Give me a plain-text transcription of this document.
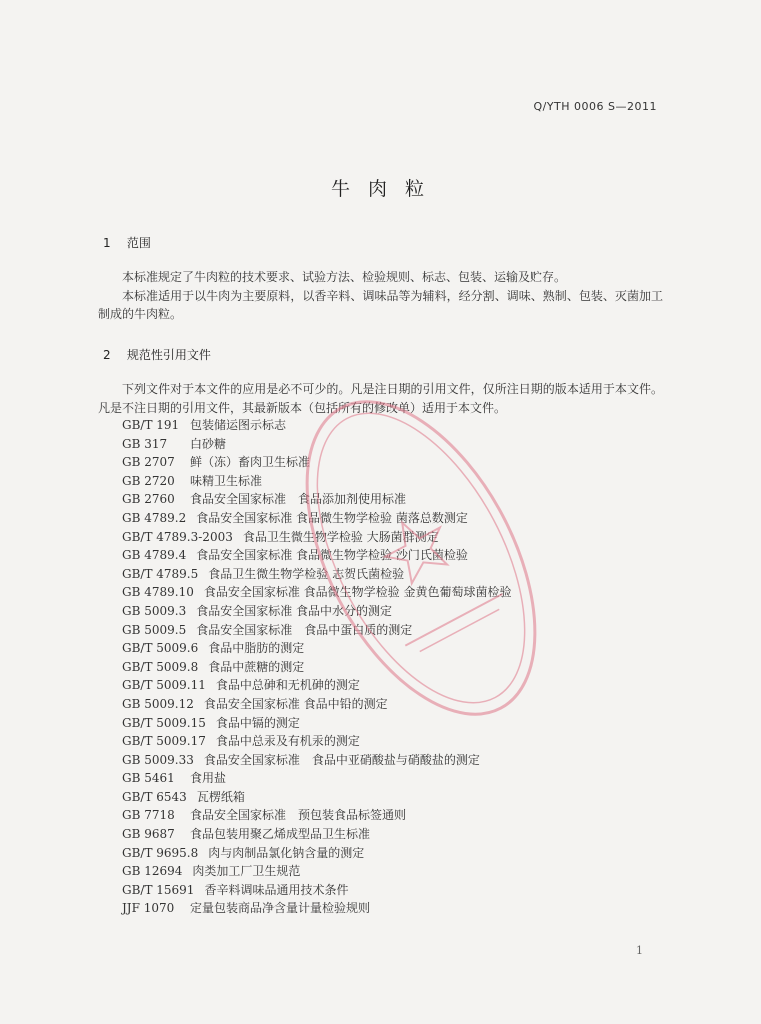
Q/YTH 0006 S—2011
牛 肉 粒
1 范围

本标准规定了牛肉粒的技术要求、试验方法、检验规则、标志、包装、运输及贮存。

本标准适用于以牛肉为主要原料，以香辛料、调味品等为辅料，经分割、调味、熟制、包装、灭菌加工制成的牛肉粒。

2 规范性引用文件

下列文件对于本文件的应用是必不可少的。凡是注日期的引用文件，仅所注日期的版本适用于本文件。凡是不注日期的引用文件，其最新版本（包括所有的修改单）适用于本文件。

GB/T 191 包装储运图示标志
GB 317 白砂糖
GB 2707 鲜（冻）畜肉卫生标准
GB 2720 味精卫生标准
GB 2760 食品安全国家标准　食品添加剂使用标准
GB 4789.2 食品安全国家标准 食品微生物学检验 菌落总数测定
GB/T 4789.3-2003 食品卫生微生物学检验 大肠菌群测定
GB 4789.4 食品安全国家标准 食品微生物学检验 沙门氏菌检验
GB/T 4789.5 食品卫生微生物学检验 志贺氏菌检验
GB 4789.10 食品安全国家标准 食品微生物学检验 金黄色葡萄球菌检验
GB 5009.3 食品安全国家标准 食品中水分的测定
GB 5009.5 食品安全国家标准　食品中蛋白质的测定
GB/T 5009.6 食品中脂肪的测定
GB/T 5009.8 食品中蔗糖的测定
GB/T 5009.11 食品中总砷和无机砷的测定
GB 5009.12 食品安全国家标准 食品中铅的测定
GB/T 5009.15 食品中镉的测定
GB/T 5009.17 食品中总汞及有机汞的测定
GB 5009.33 食品安全国家标准　食品中亚硝酸盐与硝酸盐的测定
GB 5461 食用盐
GB/T 6543 瓦楞纸箱
GB 7718 食品安全国家标准　预包装食品标签通则
GB 9687 食品包装用聚乙烯成型品卫生标准
GB/T 9695.8 肉与肉制品氯化钠含量的测定
GB 12694 肉类加工厂卫生规范
GB/T 15691 香辛料调味品通用技术条件
JJF 1070 定量包装商品净含量计量检验规则
1
